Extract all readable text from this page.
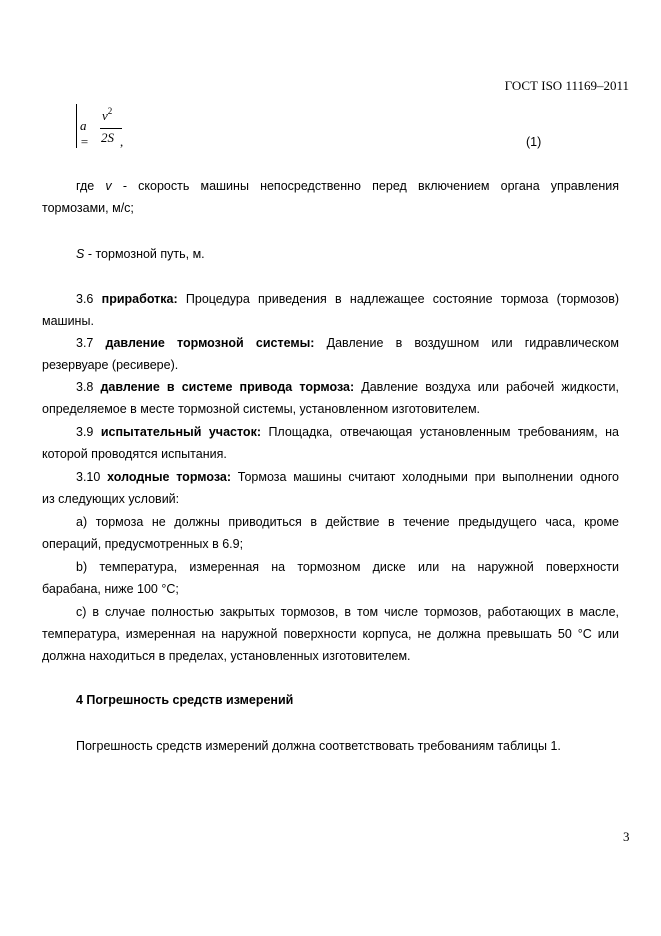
ГОСТ ISO 11169–2011
a =
$v^2$
2S ,	(1)
где v - скорость машины непосредственно перед включением органа управления
тормозами, м/с;
S - тормозной путь, м.
3.6 приработка: Процедура приведения в надлежащее состояние тормоза (тормозов)
машины.
3.7 давление тормозной системы: Давление в воздушном или гидравлическом
резервуаре (ресивере).
3.8 давление в системе привода тормоза: Давление воздуха или рабочей жидкости,
определяемое в месте тормозной системы, установленном изготовителем.
3.9 испытательный участок: Площадка, отвечающая установленным требованиям, на
которой проводятся испытания.
3.10 холодные тормоза: Тормоза машины считают холодными при выполнении одного
из следующих условий:
а) тормоза не должны приводиться в действие в течение предыдущего часа, кроме
операций, предусмотренных в 6.9;
b) температура, измеренная на тормозном диске или на наружной поверхности
барабана, ниже 100 °С;
c) в случае полностью закрытых тормозов, в том числе тормозов, работающих в масле,
температура, измеренная на наружной поверхности корпуса, не должна превышать 50 °С или
должна находиться в пределах, установленных изготовителем.
4 Погрешность средств измерений
Погрешность средств измерений должна соответствовать требованиям таблицы 1.
3
